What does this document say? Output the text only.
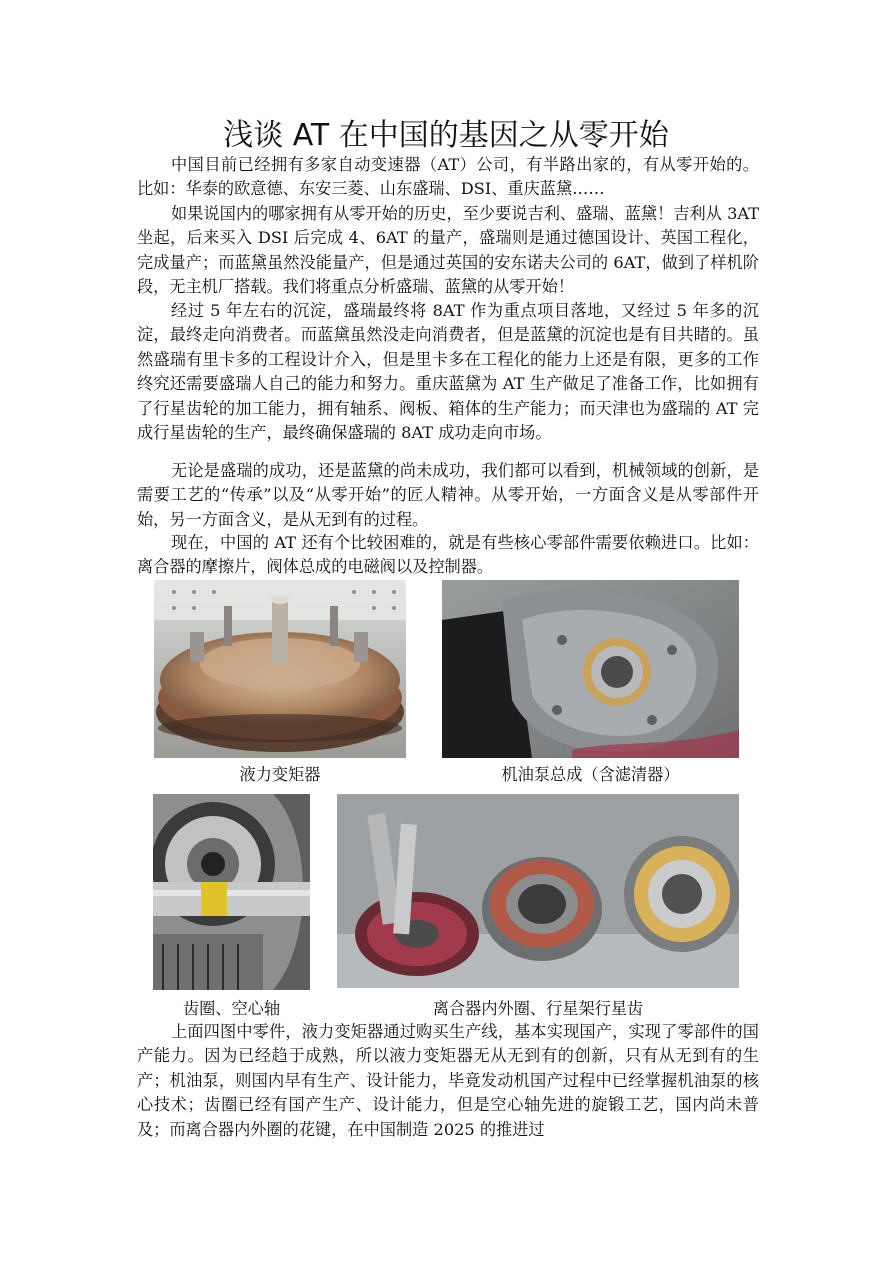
浅谈 AT 在中国的基因之从零开始

中国目前已经拥有多家自动变速器（AT）公司，有半路出家的，有从零开始的。比如：华泰的欧意德、东安三菱、山东盛瑞、DSI、重庆蓝黛……

如果说国内的哪家拥有从零开始的历史，至少要说吉利、盛瑞、蓝黛！吉利从 3AT 坐起，后来买入 DSI 后完成 4、6AT 的量产，盛瑞则是通过德国设计、英国工程化，完成量产；而蓝黛虽然没能量产，但是通过英国的安东诺夫公司的 6AT，做到了样机阶段，无主机厂搭载。我们将重点分析盛瑞、蓝黛的从零开始！

经过 5 年左右的沉淀，盛瑞最终将 8AT 作为重点项目落地，又经过 5 年多的沉淀，最终走向消费者。而蓝黛虽然没走向消费者，但是蓝黛的沉淀也是有目共睹的。虽然盛瑞有里卡多的工程设计介入，但是里卡多在工程化的能力上还是有限，更多的工作终究还需要盛瑞人自己的能力和努力。重庆蓝黛为 AT 生产做足了准备工作，比如拥有了行星齿轮的加工能力，拥有轴系、阀板、箱体的生产能力；而天津也为盛瑞的 AT 完成行星齿轮的生产，最终确保盛瑞的 8AT 成功走向市场。

无论是盛瑞的成功，还是蓝黛的尚未成功，我们都可以看到，机械领域的创新，是需要工艺的“传承”以及“从零开始”的匠人精神。从零开始，一方面含义是从零部件开始，另一方面含义，是从无到有的过程。

现在，中国的 AT 还有个比较困难的，就是有些核心零部件需要依赖进口。比如：离合器的摩擦片，阀体总成的电磁阀以及控制器。

液力变矩器	机油泵总成（含滤清器）

齿圈、空心轴	离合器内外圈、行星架行星齿

上面四图中零件，液力变矩器通过购买生产线，基本实现国产，实现了零部件的国产能力。因为已经趋于成熟，所以液力变矩器无从无到有的创新，只有从无到有的生产；机油泵，则国内早有生产、设计能力，毕竟发动机国产过程中已经掌握机油泵的核心技术；齿圈已经有国产生产、设计能力，但是空心轴先进的旋锻工艺，国内尚未普及；而离合器内外圈的花键，在中国制造 2025 的推进过
